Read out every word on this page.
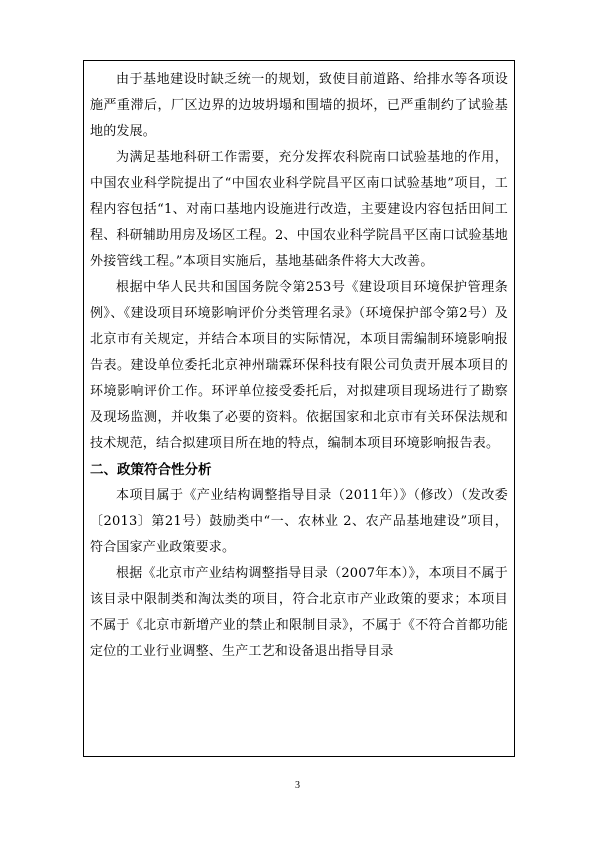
由于基地建设时缺乏统一的规划，致使目前道路、给排水等各项设施严重滞后，厂区边界的边坡坍塌和围墙的损坏，已严重制约了试验基地的发展。

为满足基地科研工作需要，充分发挥农科院南口试验基地的作用，中国农业科学院提出了“中国农业科学院昌平区南口试验基地”项目，工程内容包括“1、对南口基地内设施进行改造，主要建设内容包括田间工程、科研辅助用房及场区工程。2、中国农业科学院昌平区南口试验基地外接管线工程。”本项目实施后，基地基础条件将大大改善。

根据中华人民共和国国务院令第253号《建设项目环境保护管理条例》、《建设项目环境影响评价分类管理名录》（环境保护部令第2号）及北京市有关规定，并结合本项目的实际情况，本项目需编制环境影响报告表。建设单位委托北京神州瑞霖环保科技有限公司负责开展本项目的环境影响评价工作。环评单位接受委托后，对拟建项目现场进行了勘察及现场监测，并收集了必要的资料。依据国家和北京市有关环保法规和技术规范，结合拟建项目所在地的特点，编制本项目环境影响报告表。

二、政策符合性分析

本项目属于《产业结构调整指导目录（2011年）》（修改）（发改委〔2013〕第21号）鼓励类中“一、农林业 2、农产品基地建设”项目，符合国家产业政策要求。

根据《北京市产业结构调整指导目录（2007年本）》，本项目不属于该目录中限制类和淘汰类的项目，符合北京市产业政策的要求；本项目不属于《北京市新增产业的禁止和限制目录》，不属于《不符合首都功能定位的工业行业调整、生产工艺和设备退出指导目录

3
